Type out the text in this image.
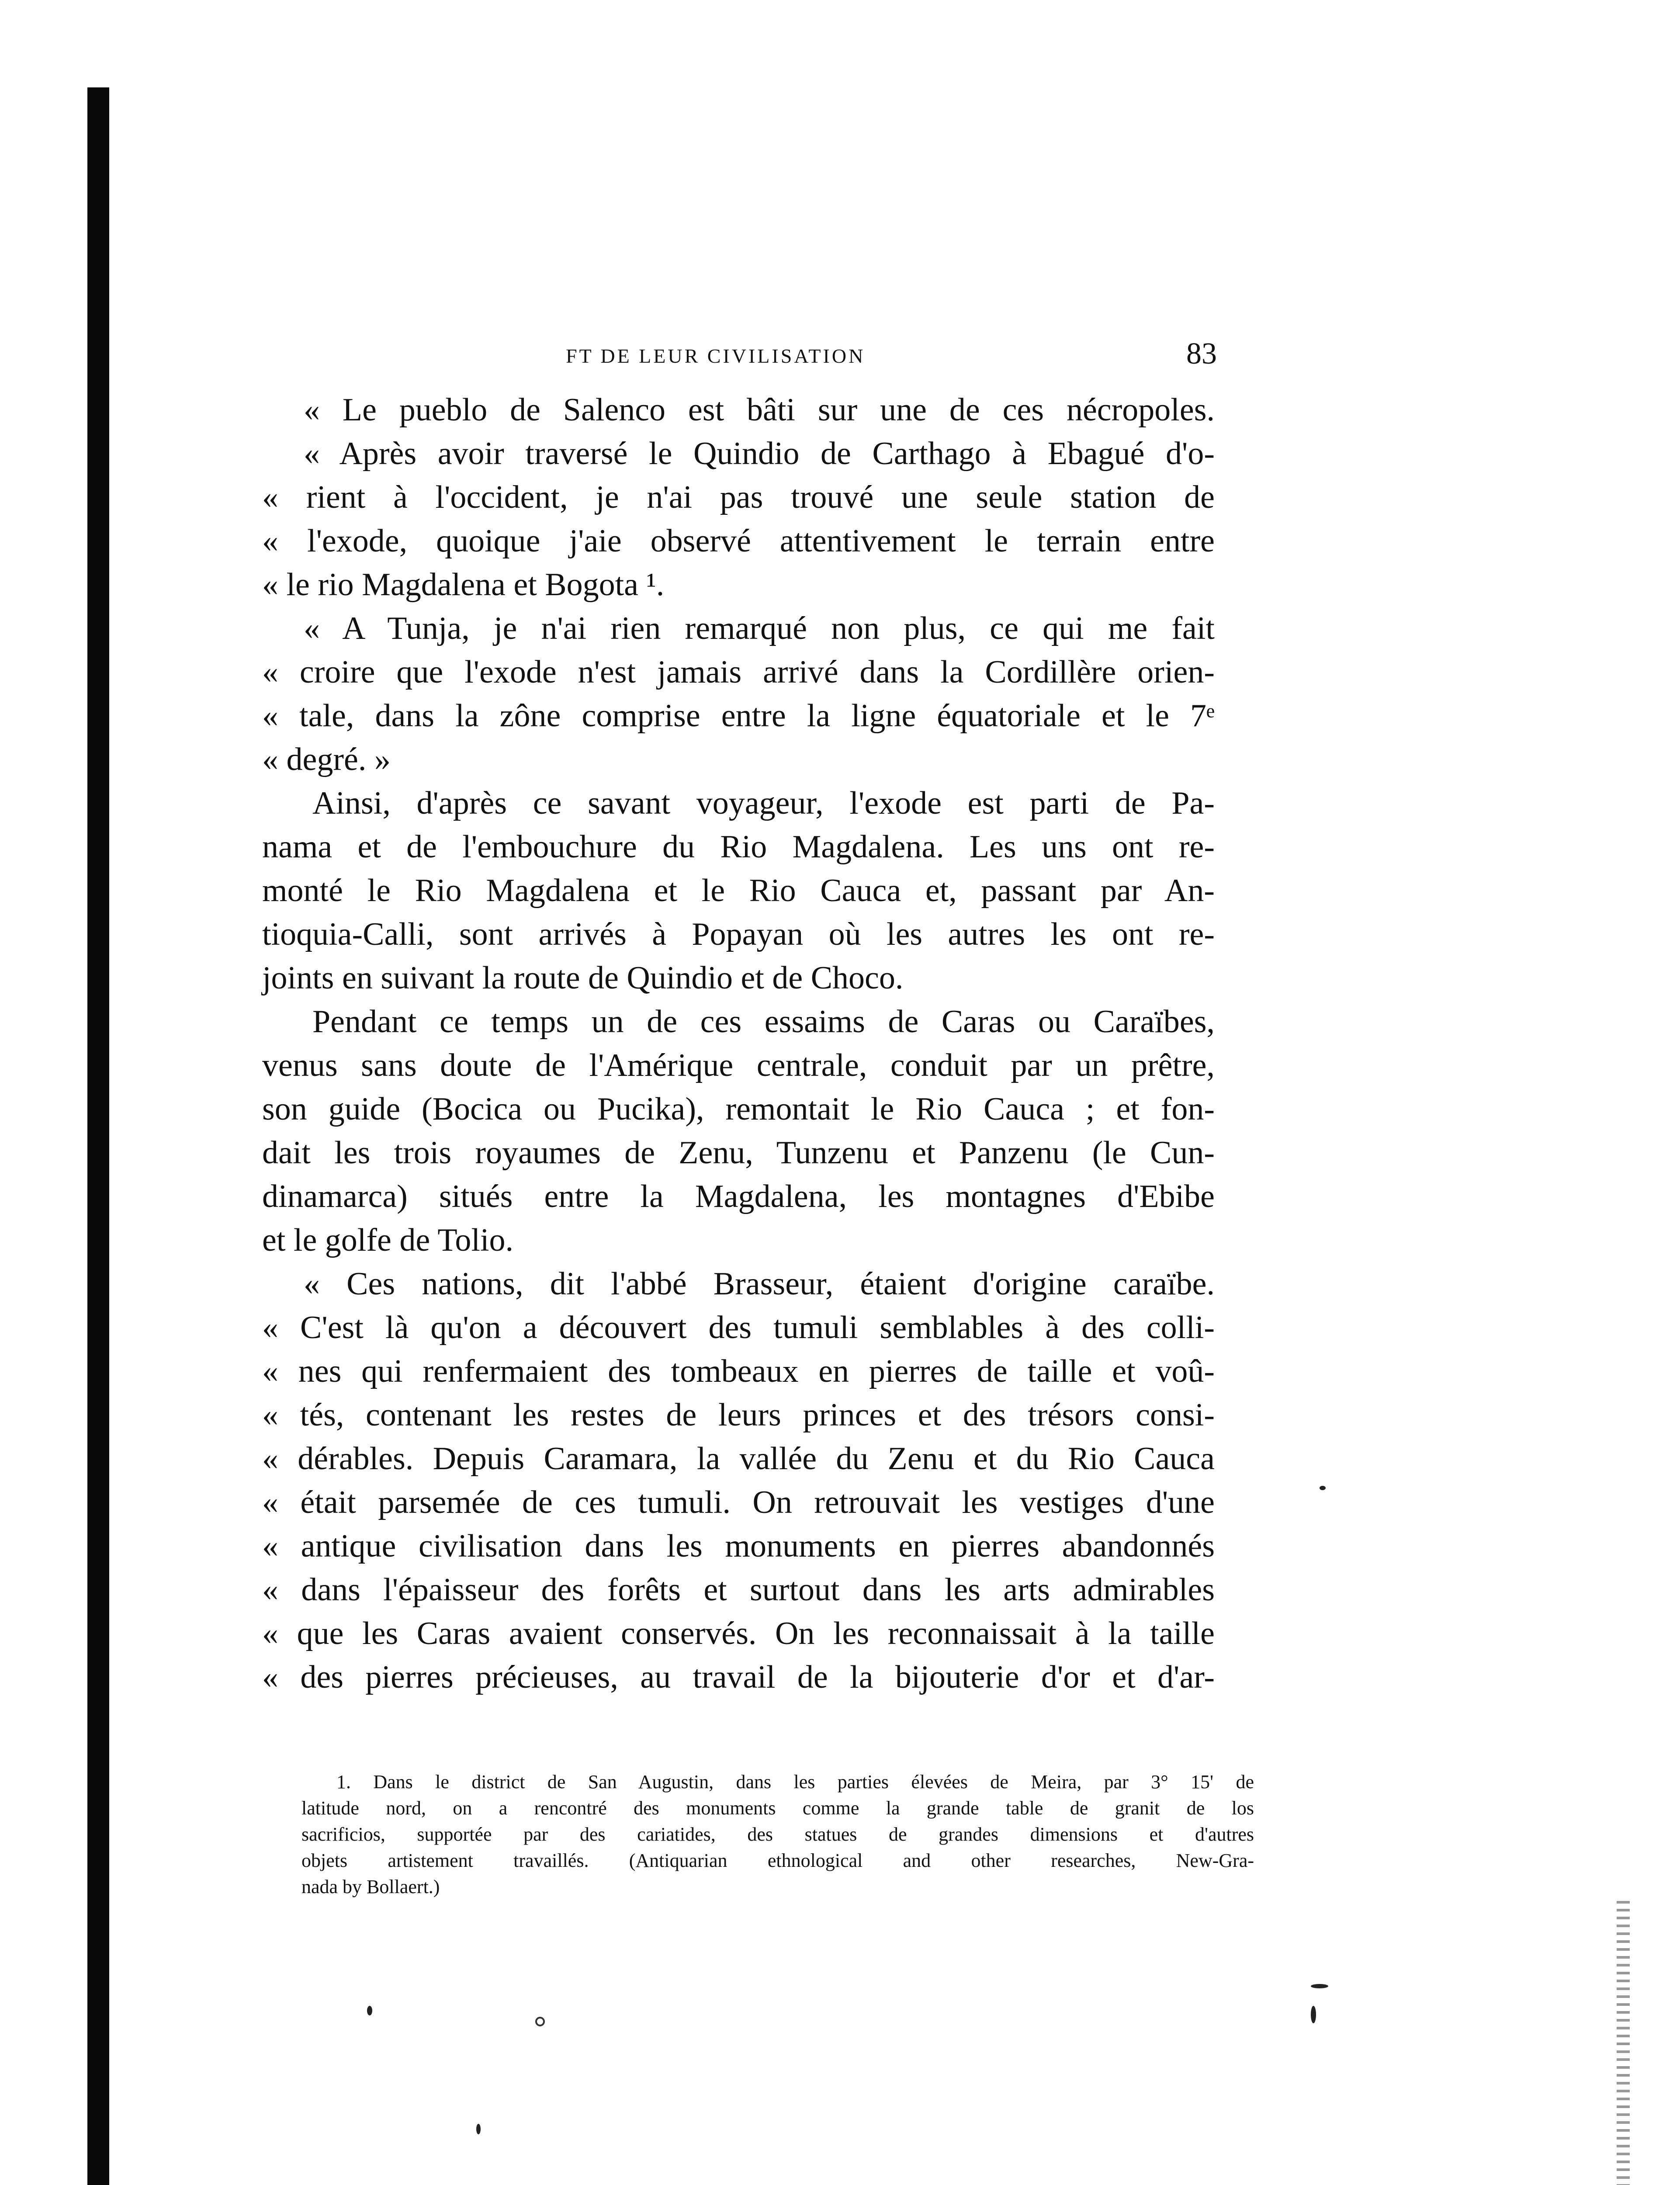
FT DE LEUR CIVILISATION	83
« Le pueblo de Salenco est bâti sur une de ces nécropoles.
« Après avoir traversé le Quindio de Carthago à Ebagué d'o-
« rient à l'occident, je n'ai pas trouvé une seule station de
« l'exode, quoique j'aie observé attentivement le terrain entre
« le rio Magdalena et Bogota ¹.
« A Tunja, je n'ai rien remarqué non plus, ce qui me fait
« croire que l'exode n'est jamais arrivé dans la Cordillère orien-
« tale, dans la zône comprise entre la ligne équatoriale et le 7ᵉ
« degré. »
Ainsi, d'après ce savant voyageur, l'exode est parti de Pa-
nama et de l'embouchure du Rio Magdalena. Les uns ont re-
monté le Rio Magdalena et le Rio Cauca et, passant par An-
tioquia-Calli, sont arrivés à Popayan où les autres les ont re-
joints en suivant la route de Quindio et de Choco.
Pendant ce temps un de ces essaims de Caras ou Caraïbes,
venus sans doute de l'Amérique centrale, conduit par un prêtre,
son guide (Bocica ou Pucika), remontait le Rio Cauca ; et fon-
dait les trois royaumes de Zenu, Tunzenu et Panzenu (le Cun-
dinamarca) situés entre la Magdalena, les montagnes d'Ebibe
et le golfe de Tolio.
« Ces nations, dit l'abbé Brasseur, étaient d'origine caraïbe.
« C'est là qu'on a découvert des tumuli semblables à des colli-
« nes qui renfermaient des tombeaux en pierres de taille et voû-
« tés, contenant les restes de leurs princes et des trésors consi-
« dérables. Depuis Caramara, la vallée du Zenu et du Rio Cauca
« était parsemée de ces tumuli. On retrouvait les vestiges d'une
« antique civilisation dans les monuments en pierres abandonnés
« dans l'épaisseur des forêts et surtout dans les arts admirables
« que les Caras avaient conservés. On les reconnaissait à la taille
« des pierres précieuses, au travail de la bijouterie d'or et d'ar-
1. Dans le district de San Augustin, dans les parties élevées de Meira, par 3° 15' de
latitude nord, on a rencontré des monuments comme la grande table de granit de los
sacrificios, supportée par des cariatides, des statues de grandes dimensions et d'autres
objets artistement travaillés. (Antiquarian ethnological and other researches, New-Gra-
nada by Bollaert.)
